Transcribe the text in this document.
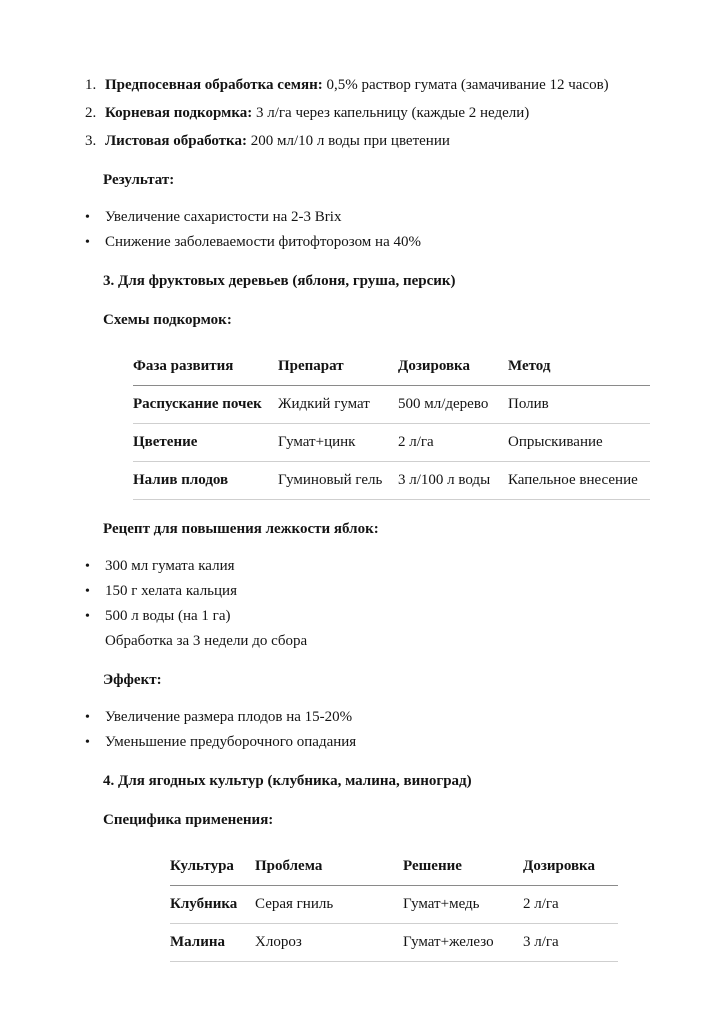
1. Предпосевная обработка семян: 0,5% раствор гумата (замачивание 12 часов)
2. Корневая подкормка: 3 л/га через капельницу (каждые 2 недели)
3. Листовая обработка: 200 мл/10 л воды при цветении
Результат:
•
Увеличение сахаристости на 2-3 Brix
•
Снижение заболеваемости фитофторозом на 40%
3. Для фруктовых деревьев (яблоня, груша, персик)
Схемы подкормок:
Фаза развития	Препарат	Дозировка	Метод
Распускание почек	Жидкий гумат	500 мл/дерево	Полив
Цветение	Гумат+цинк	2 л/га	Опрыскивание
Налив плодов	Гуминовый гель	3 л/100 л воды	Капельное внесение
Рецепт для повышения лежкости яблок:
•
300 мл гумата калия
•
150 г хелата кальция
•
500 л воды (на 1 га)
Обработка за 3 недели до сбора
Эффект:
•
Увеличение размера плодов на 15-20%
•
Уменьшение предуборочного опадания
4. Для ягодных культур (клубника, малина, виноград)
Специфика применения:
Культура	Проблема	Решение	Дозировка
Клубника	Серая гниль	Гумат+медь	2 л/га
Малина	Хлороз	Гумат+железо	3 л/га
